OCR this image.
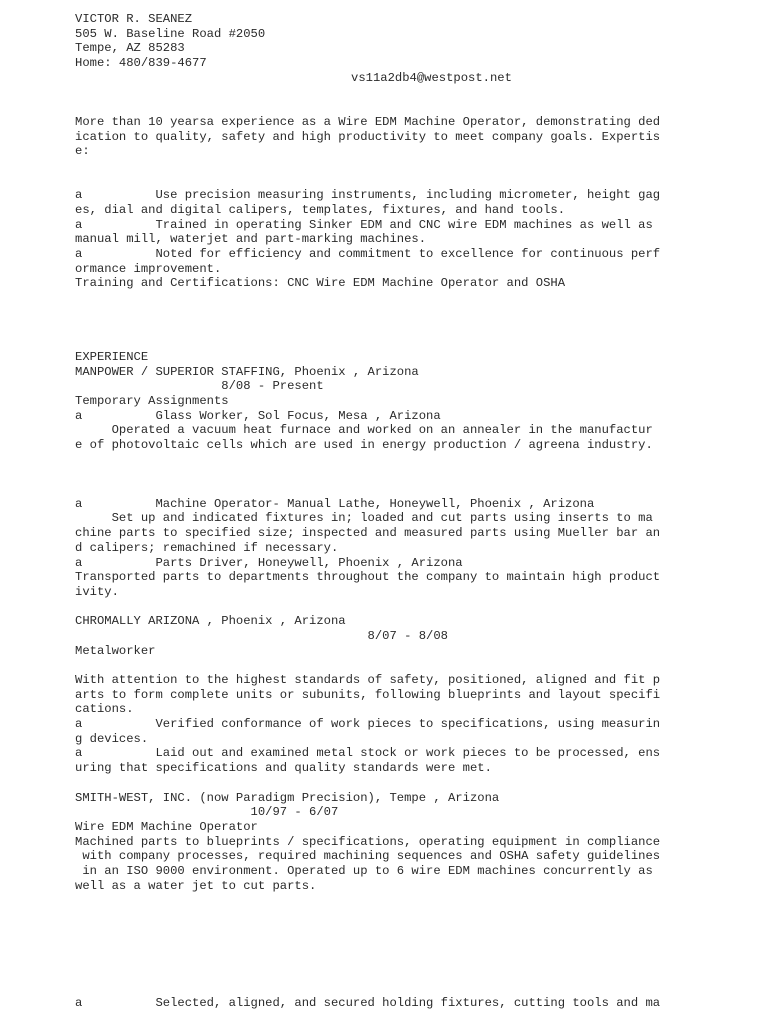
VICTOR R. SEANEZ
505 W. Baseline Road #2050
Tempe, AZ 85283
Home: 480/839-4677
vs11a2db4@westpost.net
More than 10 yearsa experience as a Wire EDM Machine Operator, demonstrating ded
ication to quality, safety and high productivity to meet company goals. Expertis
e:
a          Use precision measuring instruments, including micrometer, height gag
es, dial and digital calipers, templates, fixtures, and hand tools.
a          Trained in operating Sinker EDM and CNC wire EDM machines as well as
manual mill, waterjet and part-marking machines.
a          Noted for efficiency and commitment to excellence for continuous perf
ormance improvement.
Training and Certifications: CNC Wire EDM Machine Operator and OSHA
EXPERIENCE
MANPOWER / SUPERIOR STAFFING, Phoenix , Arizona
8/08 - Present
Temporary Assignments
a          Glass Worker, Sol Focus, Mesa , Arizona
Operated a vacuum heat furnace and worked on an annealer in the manufactur
e of photovoltaic cells which are used in energy production / agreena industry.
a          Machine Operator- Manual Lathe, Honeywell, Phoenix , Arizona
Set up and indicated fixtures in; loaded and cut parts using inserts to ma
chine parts to specified size; inspected and measured parts using Mueller bar an
d calipers; remachined if necessary.
a          Parts Driver, Honeywell, Phoenix , Arizona
Transported parts to departments throughout the company to maintain high product
ivity.
CHROMALLY ARIZONA , Phoenix , Arizona
8/07 - 8/08
Metalworker
With attention to the highest standards of safety, positioned, aligned and fit p
arts to form complete units or subunits, following blueprints and layout specifi
cations.
a          Verified conformance of work pieces to specifications, using measurin
g devices.
a          Laid out and examined metal stock or work pieces to be processed, ens
uring that specifications and quality standards were met.
SMITH-WEST, INC. (now Paradigm Precision), Tempe , Arizona
10/97 - 6/07
Wire EDM Machine Operator
Machined parts to blueprints / specifications, operating equipment in compliance
with company processes, required machining sequences and OSHA safety guidelines
in an ISO 9000 environment. Operated up to 6 wire EDM machines concurrently as
well as a water jet to cut parts.
a          Selected, aligned, and secured holding fixtures, cutting tools and ma
